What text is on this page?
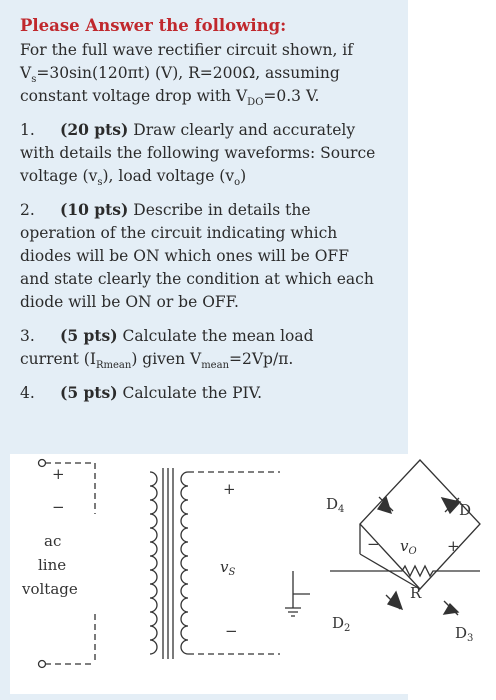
Please Answer the following:
For the full wave rectifier circuit shown, if
$V_s=30\sin(120\pi t)$ (V), R=200Ω, assuming
constant voltage drop with $V_{DO}=0.3$ V.
1. (20 pts) Draw clearly and accurately
with details the following waveforms: Source
voltage $(v_s)$, load voltage $(v_o)$
2. (10 pts) Describe in details the
operation of the circuit indicating which
diodes will be ON which ones will be OFF
and state clearly the condition at which each
diode will be ON or be OFF.
3. (5 pts) Calculate the mean load
current $(I_{Rmean})$ given $V_{mean}=2Vp/\pi$.
4. (5 pts) Calculate the PIV.
+
−
ac
line
voltage
+
−
$v_S$
$D_4$	D
$D_2$	$D_3$
− $v_O$ +
R
